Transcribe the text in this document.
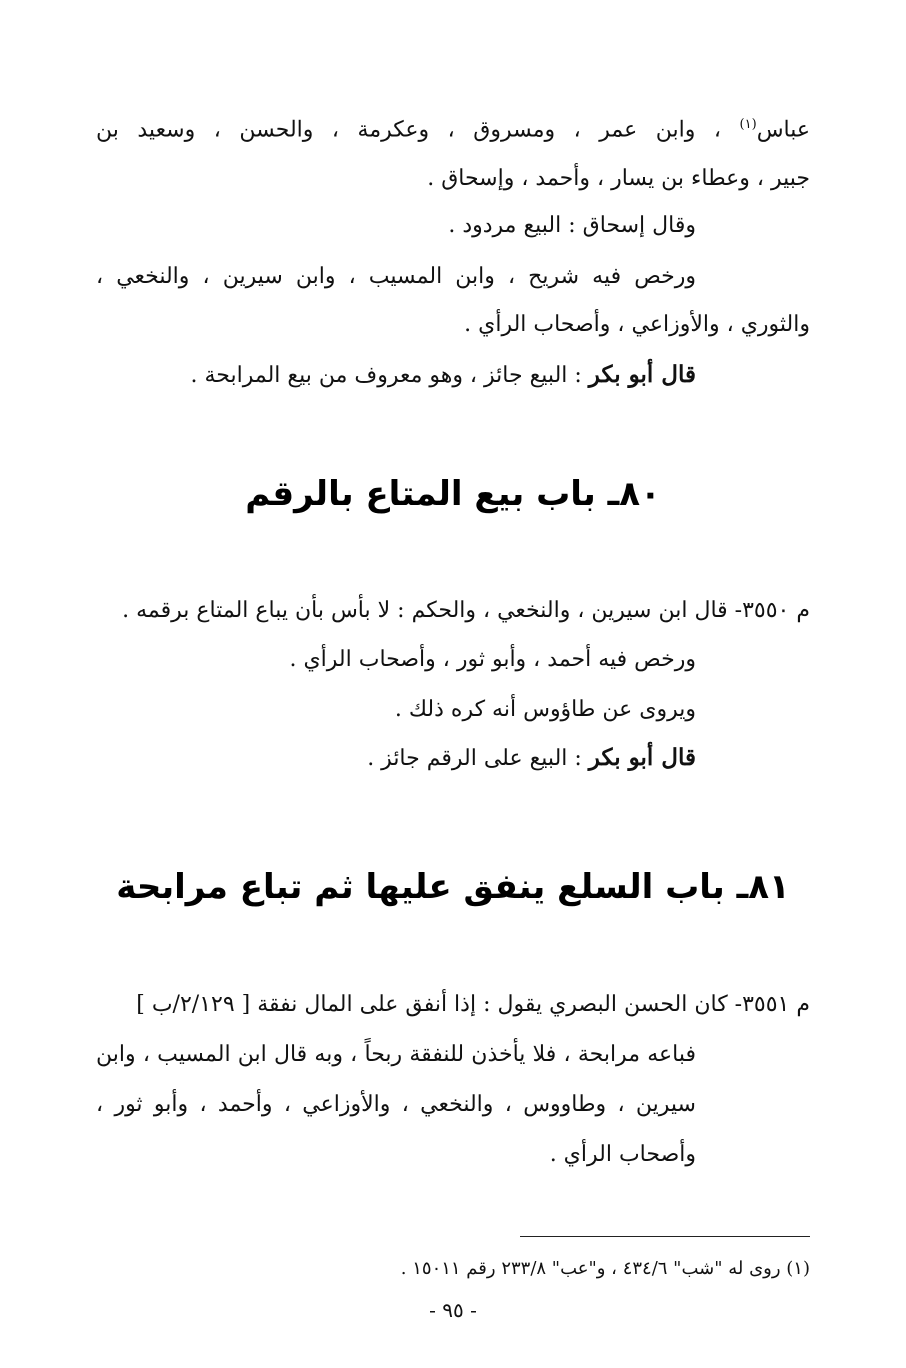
عباس$^{(١)}$ ، وابن عمر ، ومسروق ، وعكرمة ، والحسن ، وسعيد بن
جبير ، وعطاء بن يسار ، وأحمد ، وإسحاق .
وقال إسحاق : البيع مردود .
ورخص فيه شريح ، وابن المسيب ، وابن سيرين ، والنخعي ،
والثوري ، والأوزاعي ، وأصحاب الرأي .
قال أبو بكر : البيع جائز ، وهو معروف من بيع المرابحة .
٨٠ـ باب بيع المتاع بالرقم
م ٣٥٥٠- قال ابن سيرين ، والنخعي ، والحكم : لا بأس بأن يباع المتاع برقمه .
ورخص فيه أحمد ، وأبو ثور ، وأصحاب الرأي .
ويروى عن طاؤوس أنه كره ذلك .
قال أبو بكر : البيع على الرقم جائز .
٨١ـ باب السلع ينفق عليها ثم تباع مرابحة
م ٣٥٥١- كان الحسن البصري يقول : إذا أنفق على المال نفقة [ ٢/١٢٩/ب ]
فباعه مرابحة ، فلا يأخذن للنفقة ربحاً ، وبه قال ابن المسيب ، وابن
سيرين ، وطاووس ، والنخعي ، والأوزاعي ، وأحمد ، وأبو ثور ،
وأصحاب الرأي .
(١) روى له "شب" ٤٣٤/٦ ، و"عب" ٢٣٣/٨ رقم ١٥٠١١ .
- ٩٥ -
